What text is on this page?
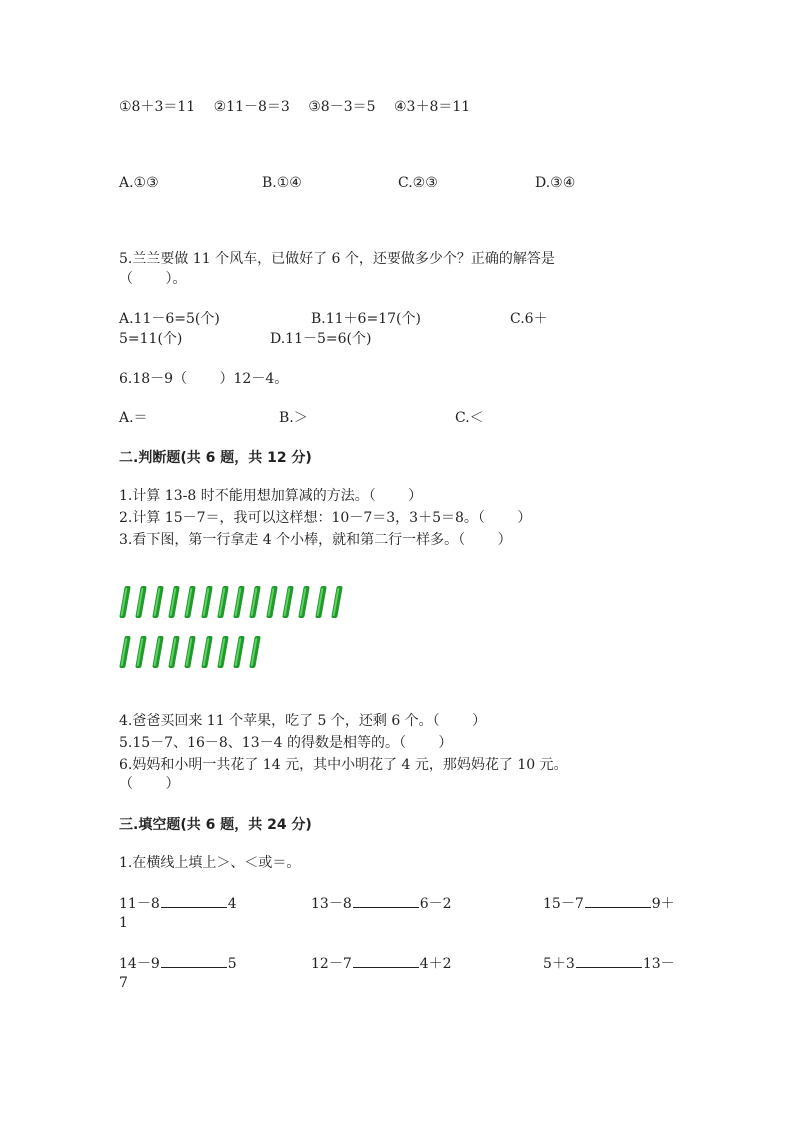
①8＋3＝11　 ②11－8＝3　 ③8－3＝5　 ④3＋8＝11
A.①③	B.①④	C.②③	D.③④
5.兰兰要做 11 个风车，已做好了 6 个，还要做多少个？正确的解答是
（　　 ）。
A.11－6=5(个)	B.11＋6=17(个)	C.6＋
5=11(个)	D.11－5=6(个)
6.18－9（　　 ）12－4。
A.＝	B.＞	C.＜
二.判断题(共 6 题，共 12 分)
1.计算 13-8 时不能用想加算减的方法。（　　 ）
2.计算 15－7＝，我可以这样想：10－7＝3，3＋5＝8。（　　 ）
3.看下图，第一行拿走 4 个小棒，就和第二行一样多。（　　 ）
4.爸爸买回来 11 个苹果，吃了 5 个，还剩 6 个。（　　 ）
5.15－7、16－8、13－4 的得数是相等的。（　　 ）
6.妈妈和小明一共花了 14 元，其中小明花了 4 元，那妈妈花了 10 元。
（　　 ）
三.填空题(共 6 题，共 24 分)
1.在横线上填上＞、＜或＝。
11－8	4	13－8	6－2	15－7	9＋
1
14－9	5	12－7	4＋2	5＋3	13－
7
